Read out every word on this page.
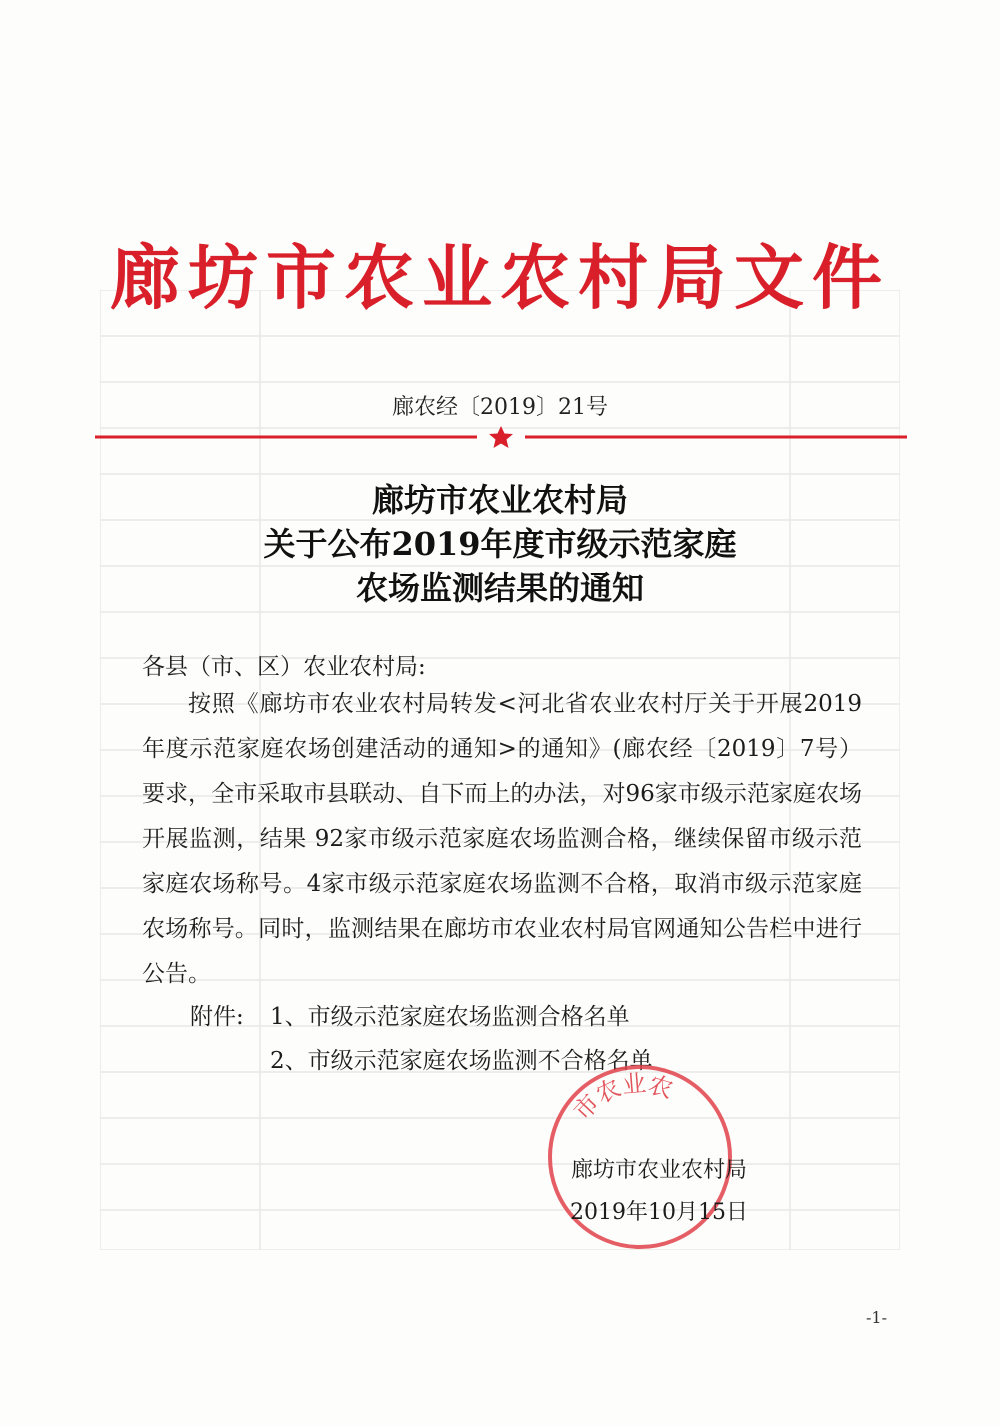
廊坊市农业农村局文件
廊农经〔2019〕21号
廊坊市农业农村局
关于公布2019年度市级示范家庭
农场监测结果的通知
各县（市、区）农业农村局:

按照《廊坊市农业农村局转发<河北省农业农村厅关于开展2019年度示范家庭农场创建活动的通知>的通知》(廊农经〔2019〕7号）要求，全市采取市县联动、自下而上的办法，对96家市级示范家庭农场开展监测，结果 92家市级示范家庭农场监测合格，继续保留市级示范家庭农场称号。4家市级示范家庭农场监测不合格，取消市级示范家庭农场称号。同时，监测结果在廊坊市农业农村局官网通知公告栏中进行公告。

附件: 1、市级示范家庭农场监测合格名单
2、市级示范家庭农场监测不合格名单
市农业农
廊坊市农业农村局
2019年10月15日
-1-
